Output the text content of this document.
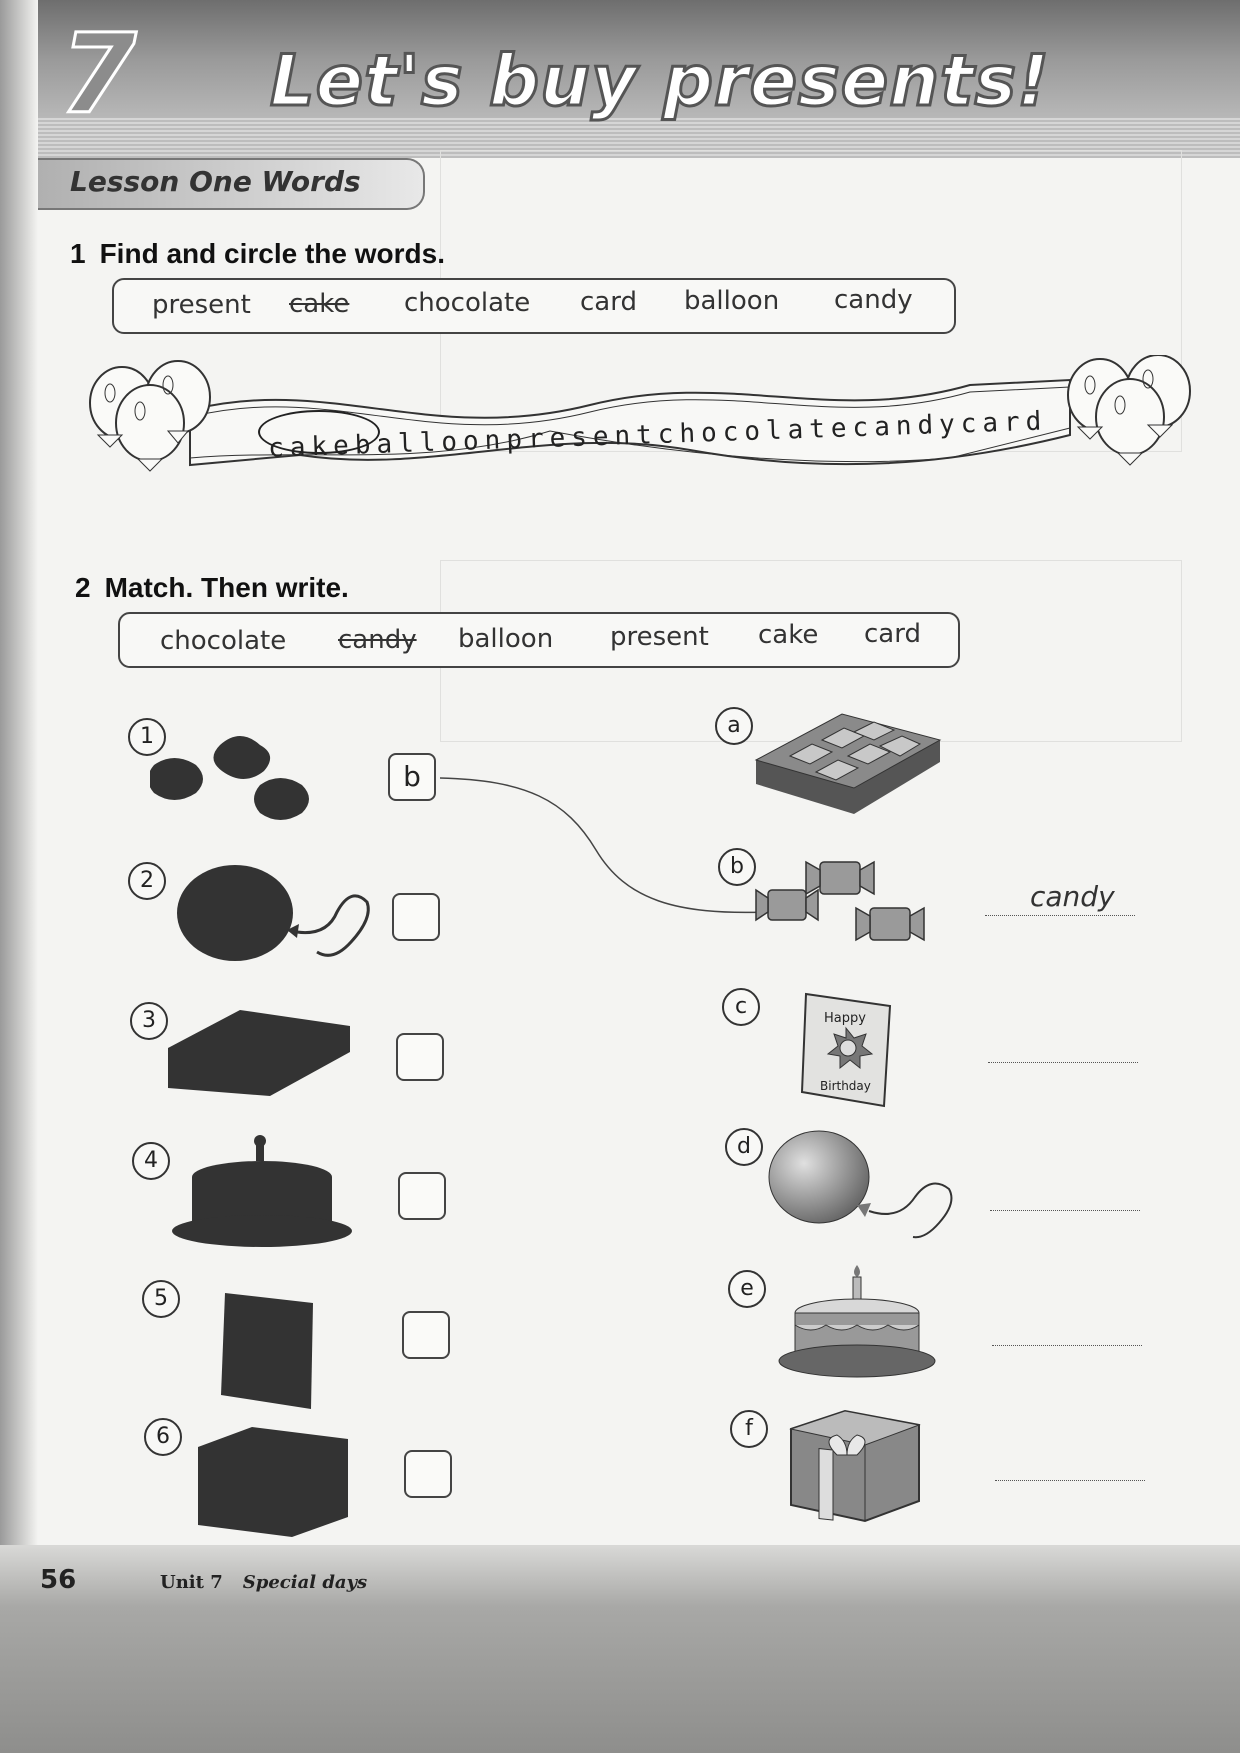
7 Let's buy presents!
Lesson One Words
1 Find and circle the words.
present cake chocolate card balloon candy
cakeballoonpresentchocolatecandycard
2 Match. Then write.
chocolate candy balloon present cake card
1
2
3
4
5
6
b
a
b
c
d
e
f
Happy
Birthday
candy
56	Unit 7 Special days
